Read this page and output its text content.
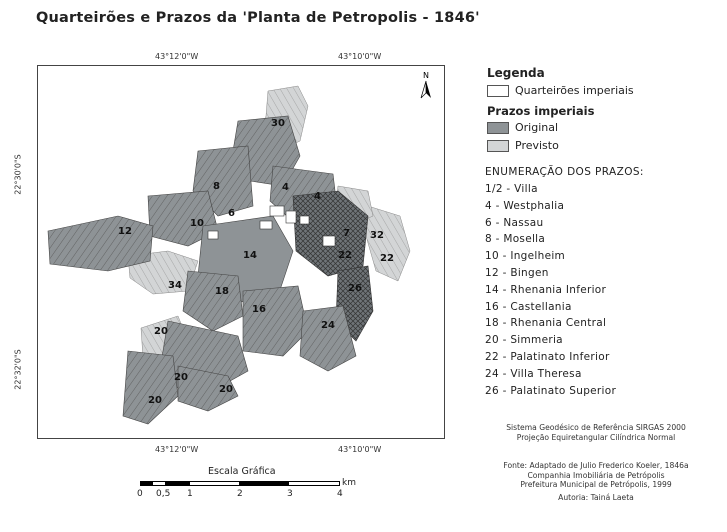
Quarteirões e Prazos da 'Planta de Petropolis - 1846'
43°12'0"W	43°10'0"W
43°12'0"W	43°10'0"W
22°30'0"S
22°32'0"S
30
8	4
4
6
10
12
14
7 32
22	22
34
18	26
16
24
20
20
20
20
N	Legenda
Quarteirões imperiais
Prazos imperiais
Original
Previsto
ENUMERAÇÃO DOS PRAZOS:
1/2 - Villa
4 - Westphalia
6 - Nassau
8 - Mosella
10 - Ingelheim
12 - Bingen
14 - Rhenania Inferior
16 - Castellania
18 - Rhenania Central
20 - Simmeria
22 - Palatinato Inferior
24 - Villa Theresa
26 - Palatinato Superior
Sistema Geodésico de Referência SIRGAS 2000
Projeção Equiretangular Cilíndrica Normal
Fonte: Adaptado de Julio Frederico Koeler, 1846a
Companhia Imobiliária de Petrópolis
Prefeitura Municipal de Petrópolis, 1999
Autoria: Tainá Laeta
Escala Gráfica
km
0 0,5 1	2	3	4
